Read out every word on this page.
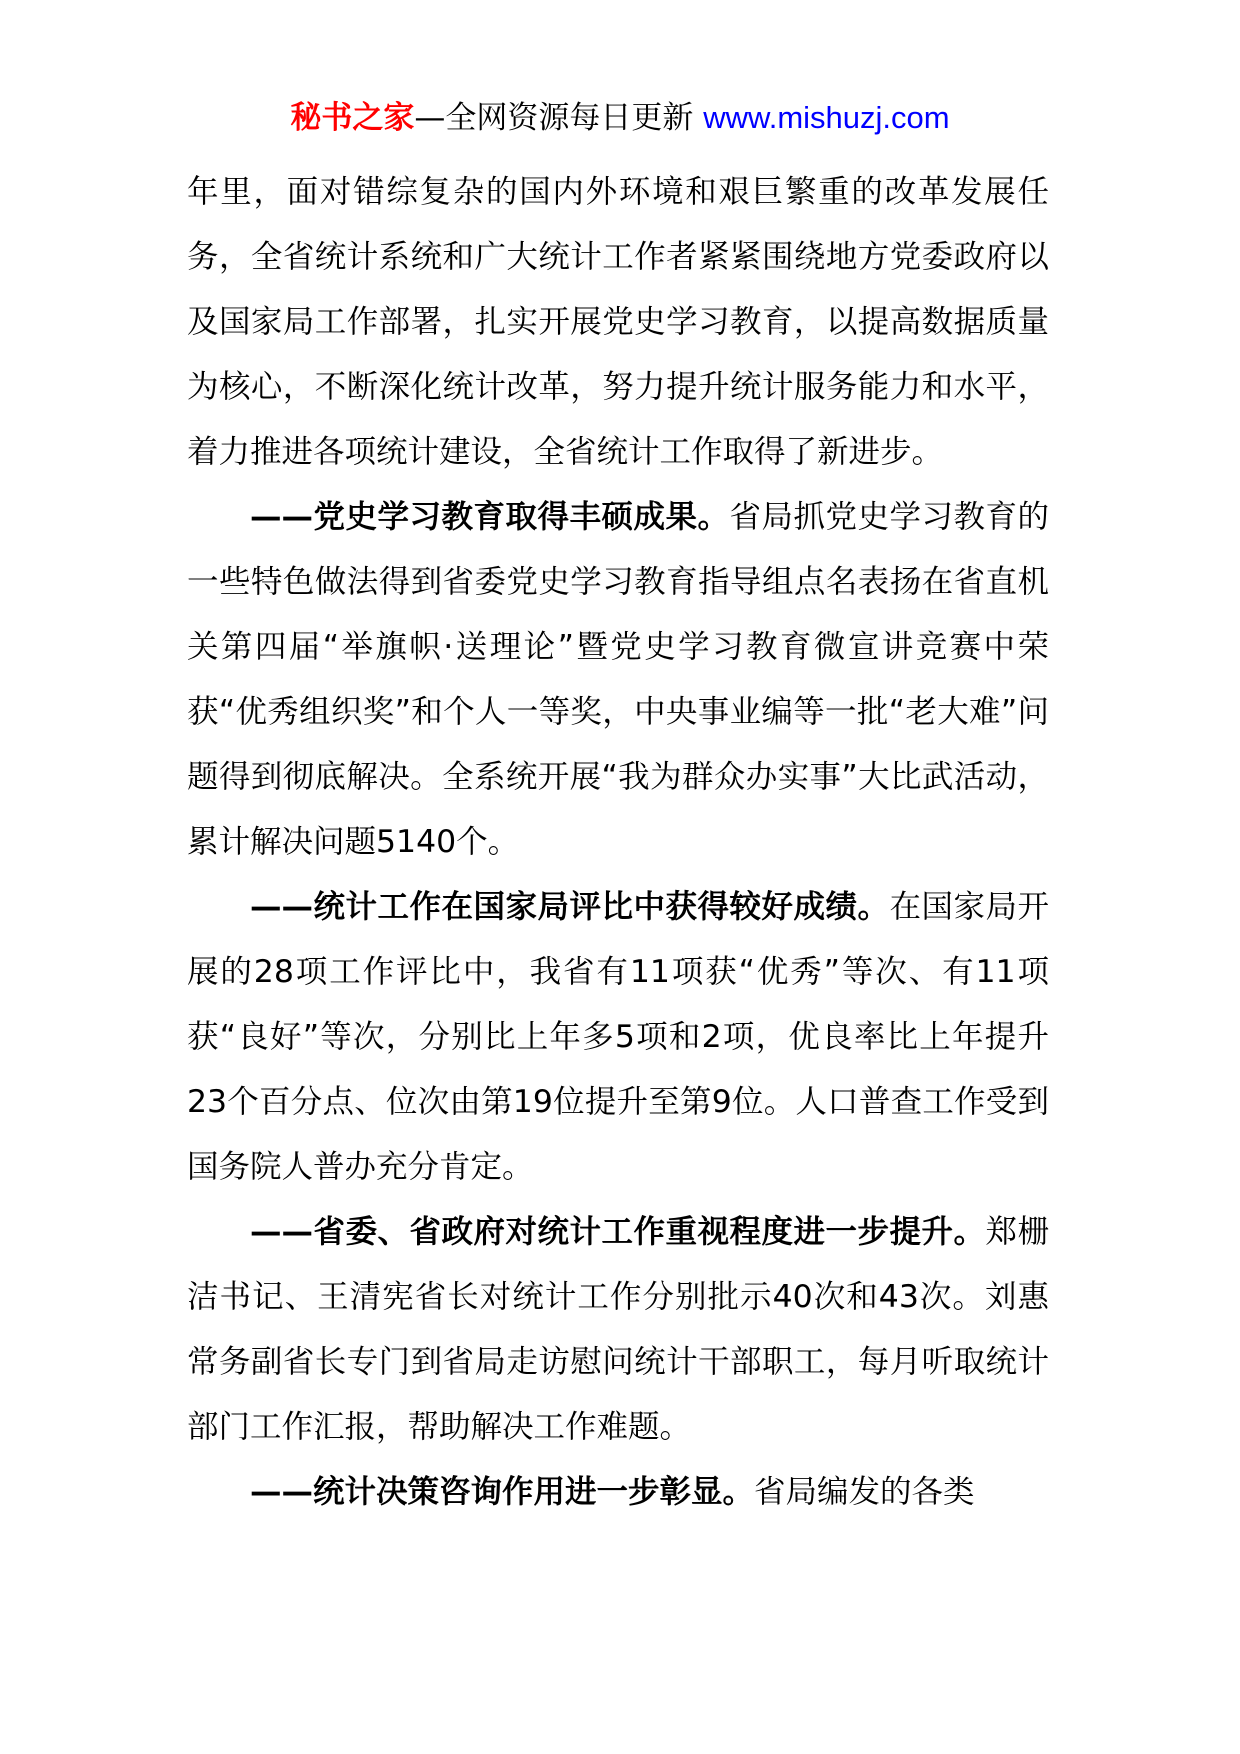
秘书之家—全网资源每日更新 www.mishuzj.com

年里，面对错综复杂的国内外环境和艰巨繁重的改革发展任务，全省统计系统和广大统计工作者紧紧围绕地方党委政府以及国家局工作部署，扎实开展党史学习教育，以提高数据质量为核心，不断深化统计改革，努力提升统计服务能力和水平，着力推进各项统计建设，全省统计工作取得了新进步。

——党史学习教育取得丰硕成果。省局抓党史学习教育的一些特色做法得到省委党史学习教育指导组点名表扬在省直机关第四届“举旗帜·送理论”暨党史学习教育微宣讲竞赛中荣获“优秀组织奖”和个人一等奖，中央事业编等一批“老大难”问题得到彻底解决。全系统开展“我为群众办实事”大比武活动，累计解决问题5140个。

——统计工作在国家局评比中获得较好成绩。在国家局开展的28项工作评比中，我省有11项获“优秀”等次、有11项获“良好”等次，分别比上年多5项和2项，优良率比上年提升23个百分点、位次由第19位提升至第9位。人口普查工作受到国务院人普办充分肯定。

——省委、省政府对统计工作重视程度进一步提升。郑栅洁书记、王清宪省长对统计工作分别批示40次和43次。刘惠常务副省长专门到省局走访慰问统计干部职工，每月听取统计部门工作汇报，帮助解决工作难题。

——统计决策咨询作用进一步彰显。省局编发的各类
